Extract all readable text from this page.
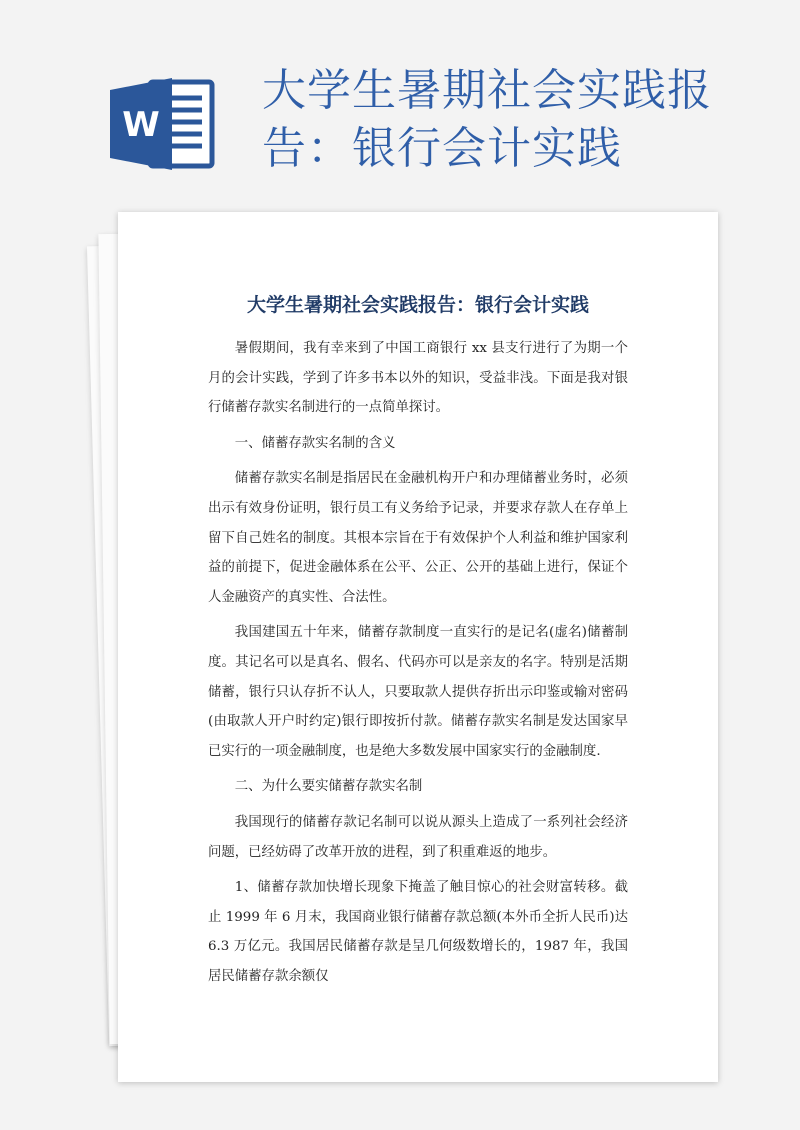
W
大学生暑期社会实践报告：银行会计实践
大学生暑期社会实践报告：银行会计实践

暑假期间，我有幸来到了中国工商银行 xx 县支行进行了为期一个月的会计实践，学到了许多书本以外的知识，受益非浅。下面是我对银行储蓄存款实名制进行的一点简单探讨。

一、储蓄存款实名制的含义

储蓄存款实名制是指居民在金融机构开户和办理储蓄业务时，必须出示有效身份证明，银行员工有义务给予记录，并要求存款人在存单上留下自己姓名的制度。其根本宗旨在于有效保护个人利益和维护国家利益的前提下，促进金融体系在公平、公正、公开的基础上进行，保证个人金融资产的真实性、合法性。

我国建国五十年来，储蓄存款制度一直实行的是记名(虚名)储蓄制度。其记名可以是真名、假名、代码亦可以是亲友的名字。特别是活期储蓄，银行只认存折不认人，只要取款人提供存折出示印鉴或输对密码(由取款人开户时约定)银行即按折付款。储蓄存款实名制是发达国家早已实行的一项金融制度，也是绝大多数发展中国家实行的金融制度.

二、为什么要实储蓄存款实名制

我国现行的储蓄存款记名制可以说从源头上造成了一系列社会经济问题，已经妨碍了改革开放的进程，到了积重难返的地步。

1、储蓄存款加快增长现象下掩盖了触目惊心的社会财富转移。截止 1999 年 6 月末，我国商业银行储蓄存款总额(本外币全折人民币)达 6.3 万亿元。我国居民储蓄存款是呈几何级数增长的，1987 年，我国居民储蓄存款余额仅
